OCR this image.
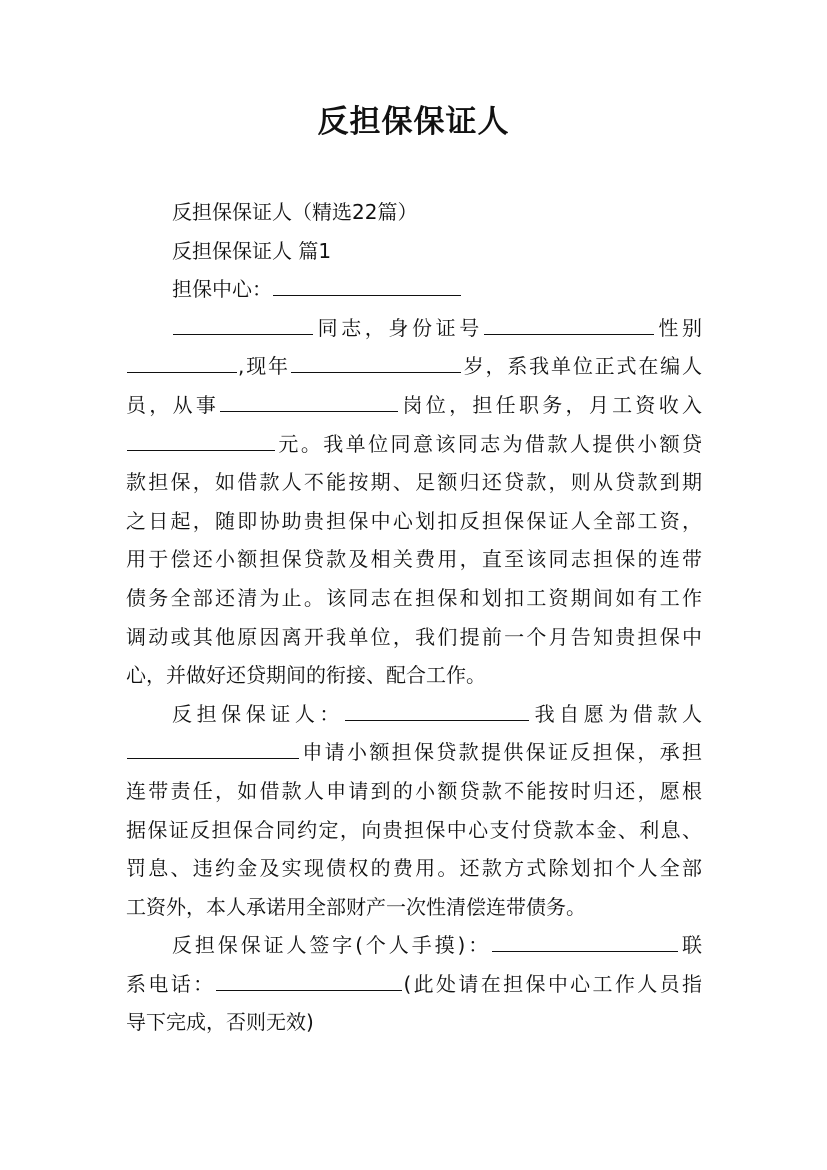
反担保保证人
反担保保证人（精选22篇）
反担保保证人 篇1
担保中心：
同志，身份证号	性别
,现年	岁，系我单位正式在编人
员，从事	岗位，担任职务，月工资收入
元。我单位同意该同志为借款人提供小额贷
款担保，如借款人不能按期、足额归还贷款，则从贷款到期
之日起，随即协助贵担保中心划扣反担保保证人全部工资，
用于偿还小额担保贷款及相关费用，直至该同志担保的连带
债务全部还清为止。该同志在担保和划扣工资期间如有工作
调动或其他原因离开我单位，我们提前一个月告知贵担保中
心，并做好还贷期间的衔接、配合工作。
反担保保证人：	我自愿为借款人
申请小额担保贷款提供保证反担保，承担
连带责任，如借款人申请到的小额贷款不能按时归还，愿根
据保证反担保合同约定，向贵担保中心支付贷款本金、利息、
罚息、违约金及实现债权的费用。还款方式除划扣个人全部
工资外，本人承诺用全部财产一次性清偿连带债务。
反担保保证人签字(个人手摸)：	联
系电话：	(此处请在担保中心工作人员指
导下完成，否则无效)
